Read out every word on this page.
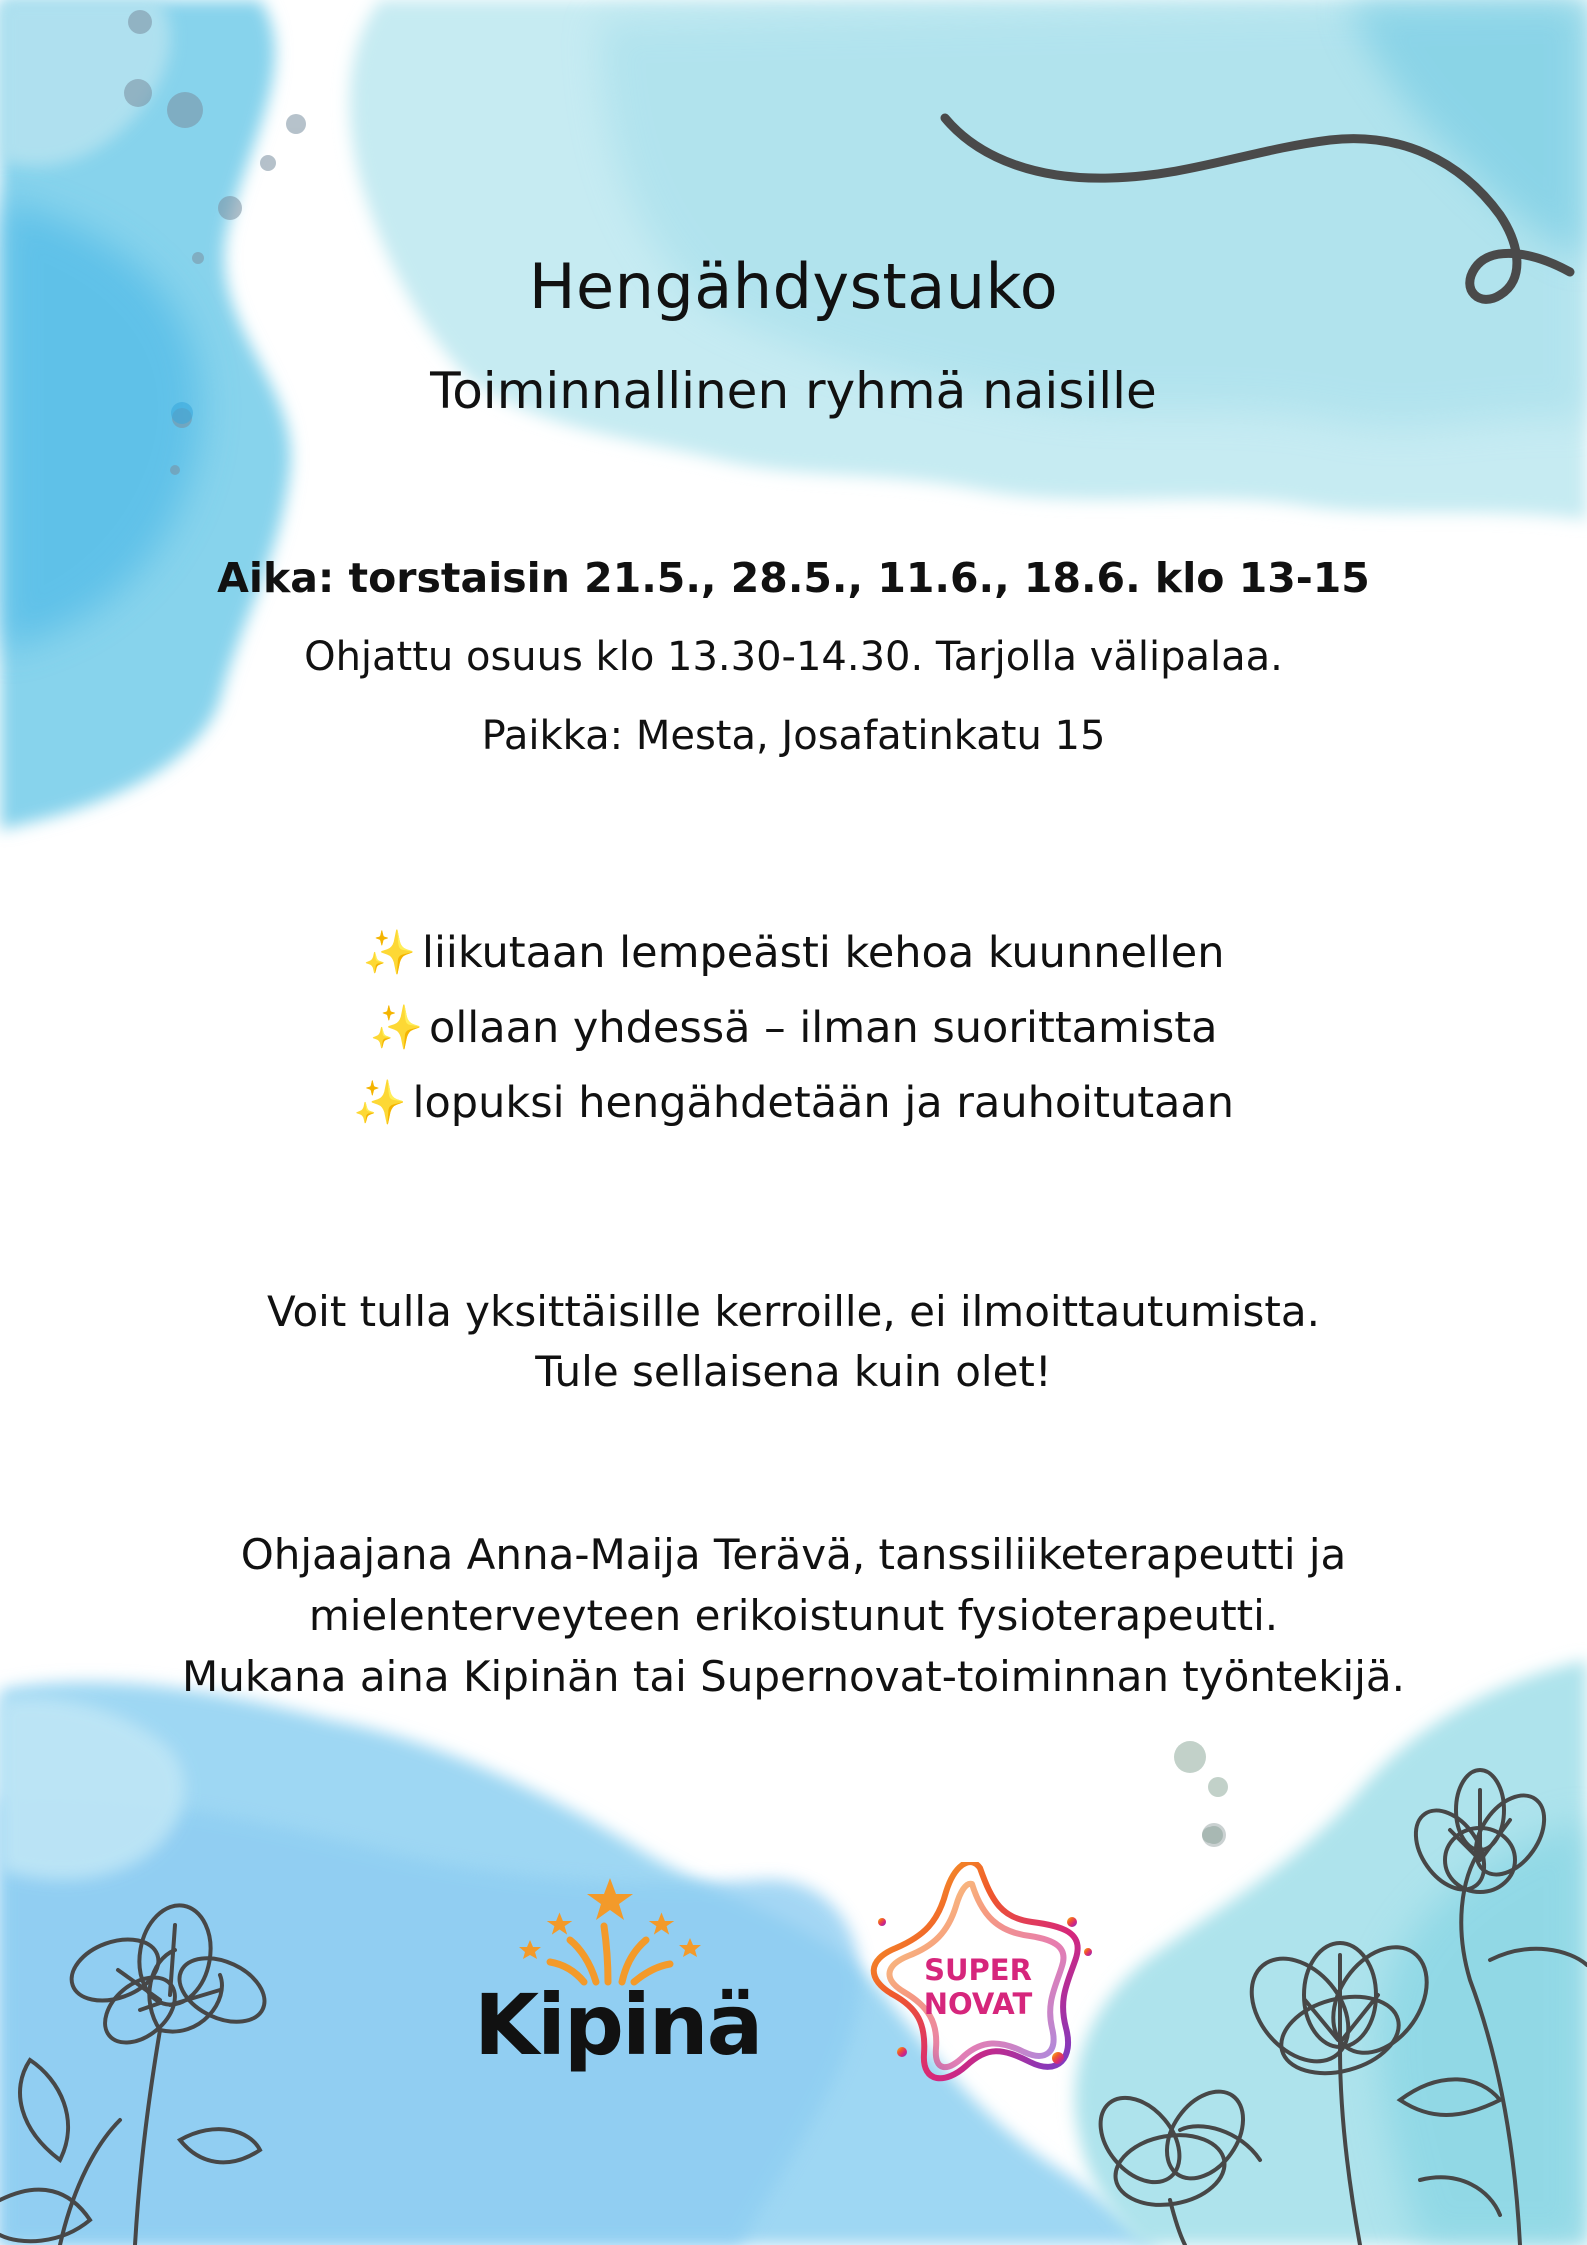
Hengähdystauko
Toiminnallinen ryhmä naisille
Aika: torstaisin 21.5., 28.5., 11.6., 18.6. klo 13-15
Ohjattu osuus klo 13.30-14.30. Tarjolla välipalaa.
Paikka: Mesta, Josafatinkatu 15
✨ liikutaan lempeästi kehoa kuunnellen
✨ ollaan yhdessä – ilman suorittamista
✨ lopuksi hengähdetään ja rauhoitutaan
Voit tulla yksittäisille kerroille, ei ilmoittautumista.
Tule sellaisena kuin olet!
Ohjaajana Anna-Maija Terävä, tanssiliiketerapeutti ja
mielenterveyteen erikoistunut fysioterapeutti.
Mukana aina Kipinän tai Supernovat-toiminnan työntekijä.
Kipinä
SUPER
NOVAT
